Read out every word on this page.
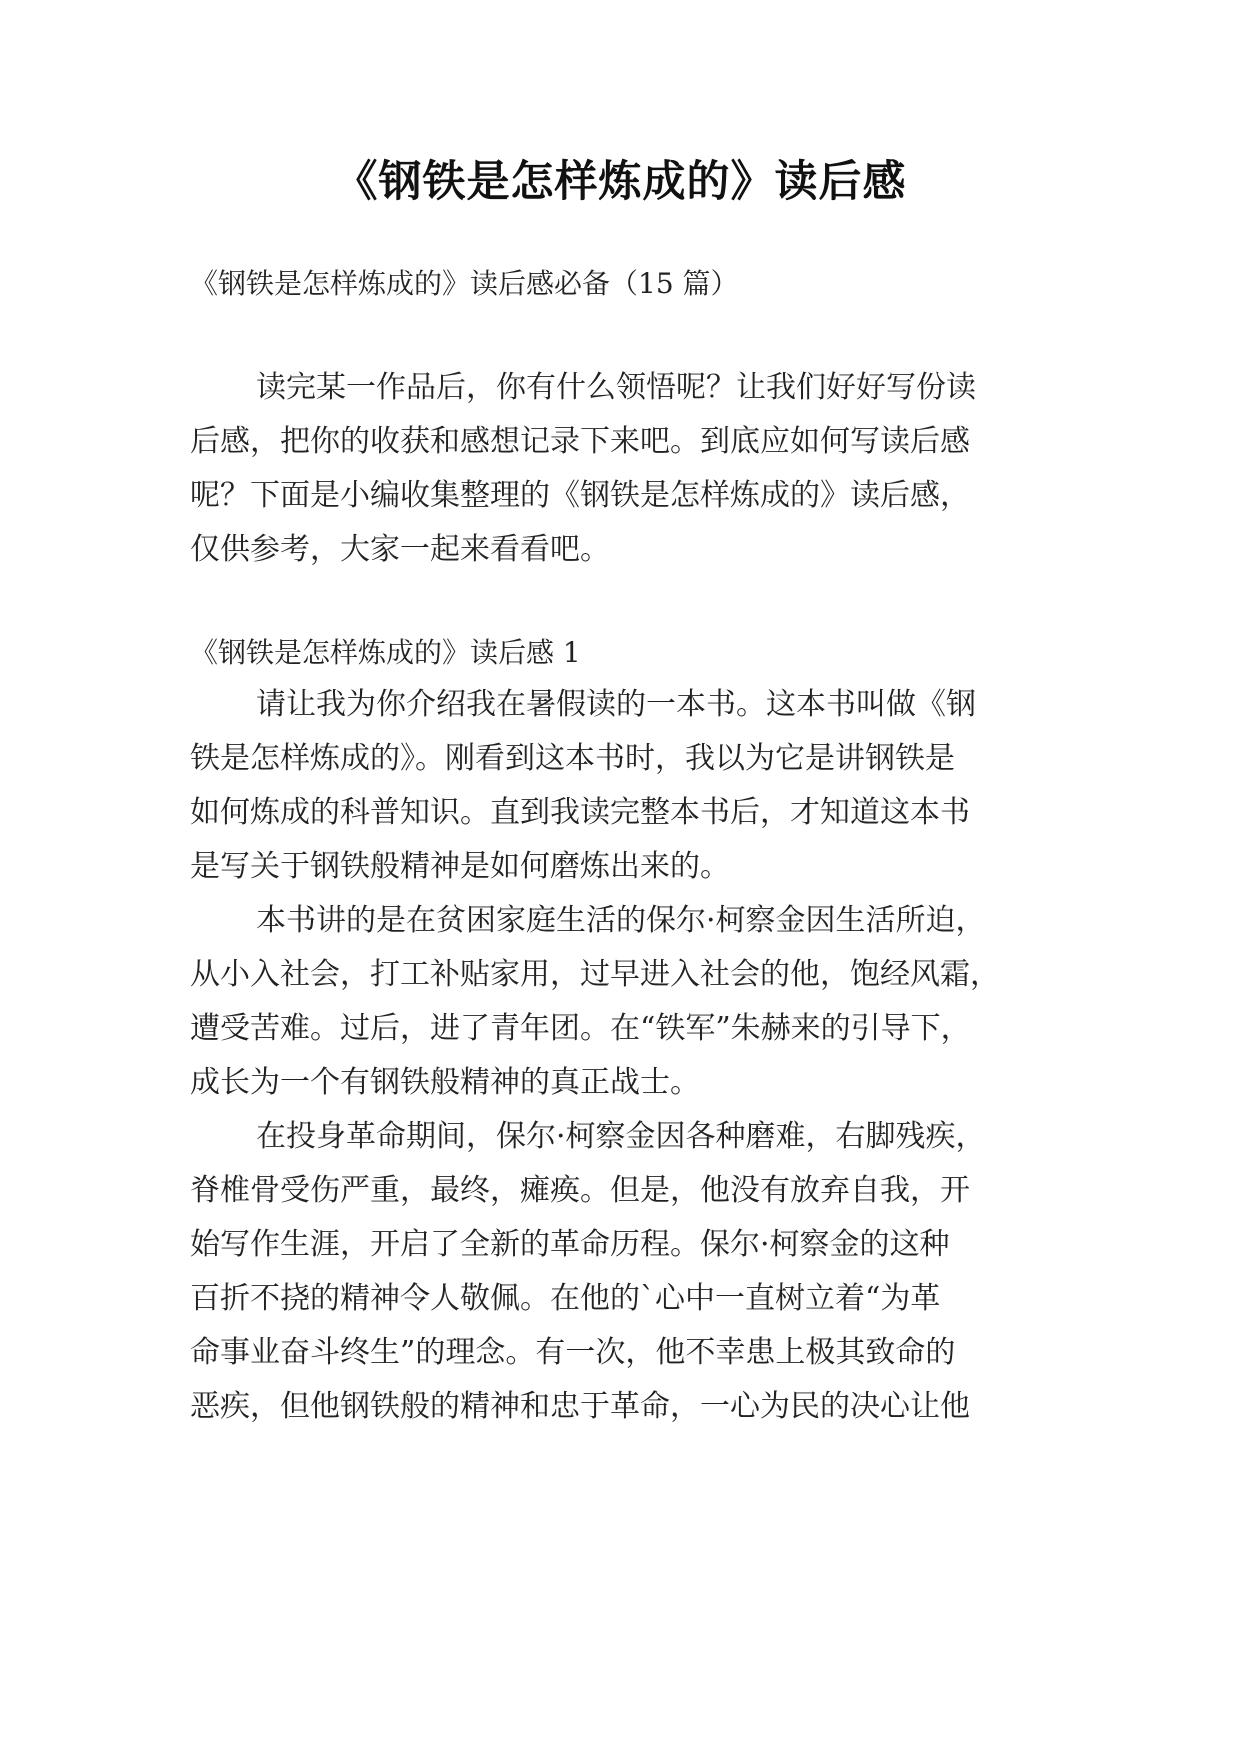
《钢铁是怎样炼成的》读后感
《钢铁是怎样炼成的》读后感必备（15 篇）
读完某一作品后，你有什么领悟呢？让我们好好写份读
后感，把你的收获和感想记录下来吧。到底应如何写读后感
呢？下面是小编收集整理的《钢铁是怎样炼成的》读后感，
仅供参考，大家一起来看看吧。
《钢铁是怎样炼成的》读后感 1
请让我为你介绍我在暑假读的一本书。这本书叫做《钢
铁是怎样炼成的》。刚看到这本书时，我以为它是讲钢铁是
如何炼成的科普知识。直到我读完整本书后，才知道这本书
是写关于钢铁般精神是如何磨炼出来的。
本书讲的是在贫困家庭生活的保尔·柯察金因生活所迫，
从小入社会，打工补贴家用，过早进入社会的他，饱经风霜，
遭受苦难。过后，进了青年团。在“铁军”朱赫来的引导下，
成长为一个有钢铁般精神的真正战士。
在投身革命期间，保尔·柯察金因各种磨难，右脚残疾，
脊椎骨受伤严重，最终，瘫痪。但是，他没有放弃自我，开
始写作生涯，开启了全新的革命历程。保尔·柯察金的这种
百折不挠的精神令人敬佩。在他的`心中一直树立着“为革
命事业奋斗终生”的理念。有一次，他不幸患上极其致命的
恶疾，但他钢铁般的精神和忠于革命，一心为民的决心让他
